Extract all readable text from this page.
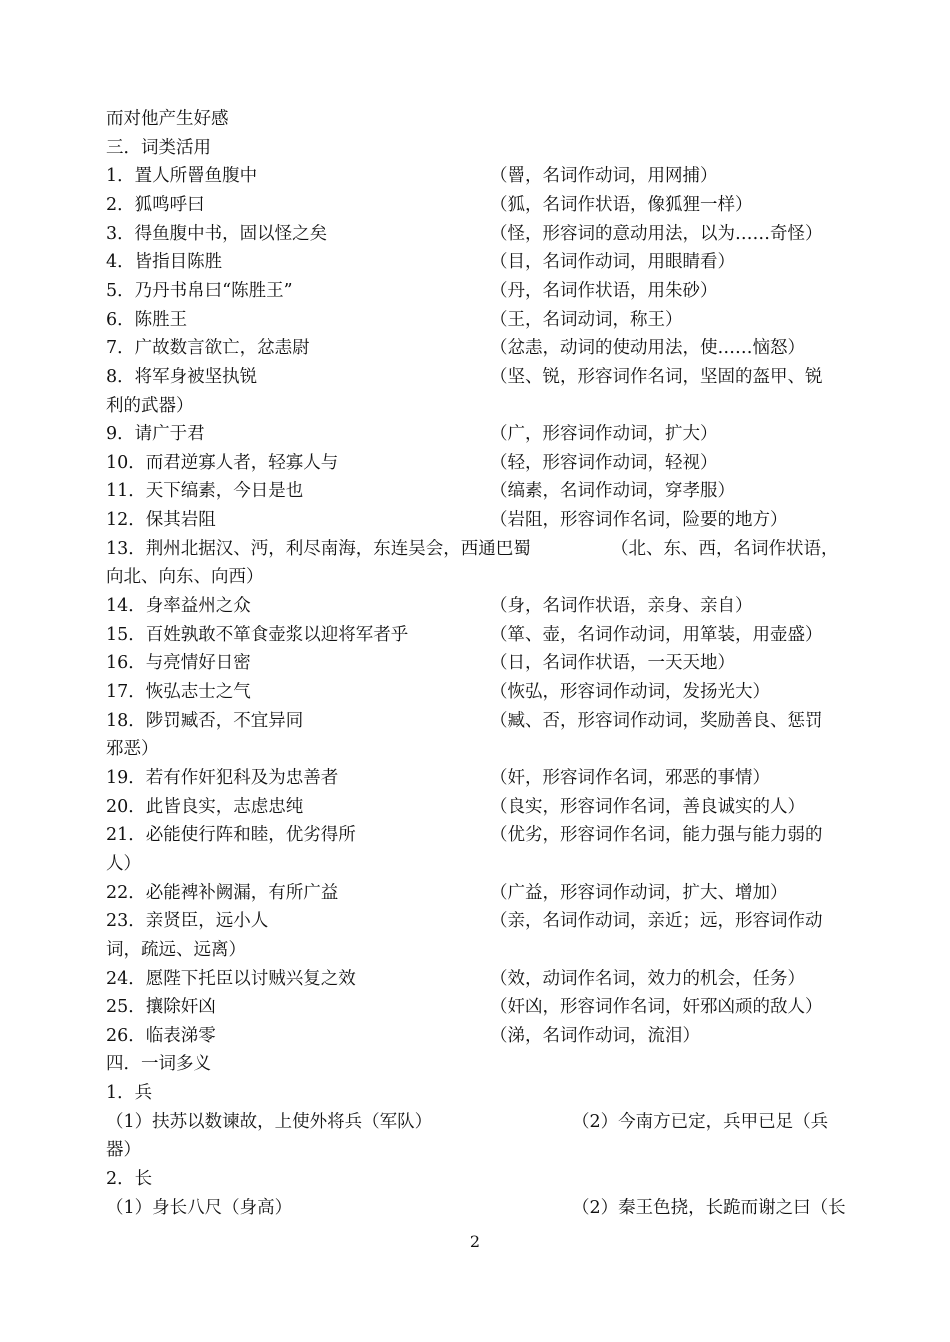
而对他产生好感
三．词类活用
1．置人所罾鱼腹中	（罾，名词作动词，用网捕）
2．狐鸣呼曰	（狐，名词作状语，像狐狸一样）
3．得鱼腹中书，固以怪之矣	（怪，形容词的意动用法，以为……奇怪）
4．皆指目陈胜	（目，名词作动词，用眼睛看）
5．乃丹书帛曰“陈胜王”	（丹，名词作状语，用朱砂）
6．陈胜王	（王，名词动词，称王）
7．广故数言欲亡，忿恚尉	（忿恚，动词的使动用法，使……恼怒）
8．将军身被坚执锐	（坚、锐，形容词作名词，坚固的盔甲、锐
利的武器）
9．请广于君	（广，形容词作动词，扩大）
10．而君逆寡人者，轻寡人与	（轻，形容词作动词，轻视）
11．天下缟素，今日是也	（缟素，名词作动词，穿孝服）
12．保其岩阻	（岩阻，形容词作名词，险要的地方）
13．荆州北据汉、沔，利尽南海，东连吴会，西通巴蜀	（北、东、西，名词作状语，
向北、向东、向西）
14．身率益州之众	（身，名词作状语，亲身、亲自）
15．百姓孰敢不箪食壶浆以迎将军者乎	（箪、壶，名词作动词，用箪装，用壶盛）
16．与亮情好日密	（日，名词作状语，一天天地）
17．恢弘志士之气	（恢弘，形容词作动词，发扬光大）
18．陟罚臧否，不宜异同	（臧、否，形容词作动词，奖励善良、惩罚
邪恶）
19．若有作奸犯科及为忠善者	（奸，形容词作名词，邪恶的事情）
20．此皆良实，志虑忠纯	（良实，形容词作名词，善良诚实的人）
21．必能使行阵和睦，优劣得所	（优劣，形容词作名词，能力强与能力弱的
人）
22．必能裨补阙漏，有所广益	（广益，形容词作动词，扩大、增加）
23．亲贤臣，远小人	（亲，名词作动词，亲近；远，形容词作动
词，疏远、远离）
24．愿陛下托臣以讨贼兴复之效	（效，动词作名词，效力的机会，任务）
25．攘除奸凶	（奸凶，形容词作名词，奸邪凶顽的敌人）
26．临表涕零	（涕，名词作动词，流泪）
四．一词多义
1．兵
（1）扶苏以数谏故，上使外将兵（军队）	（2）今南方已定，兵甲已足（兵
器）
2．长
（1）身长八尺（身高）	（2）秦王色挠，长跪而谢之曰（长
2
